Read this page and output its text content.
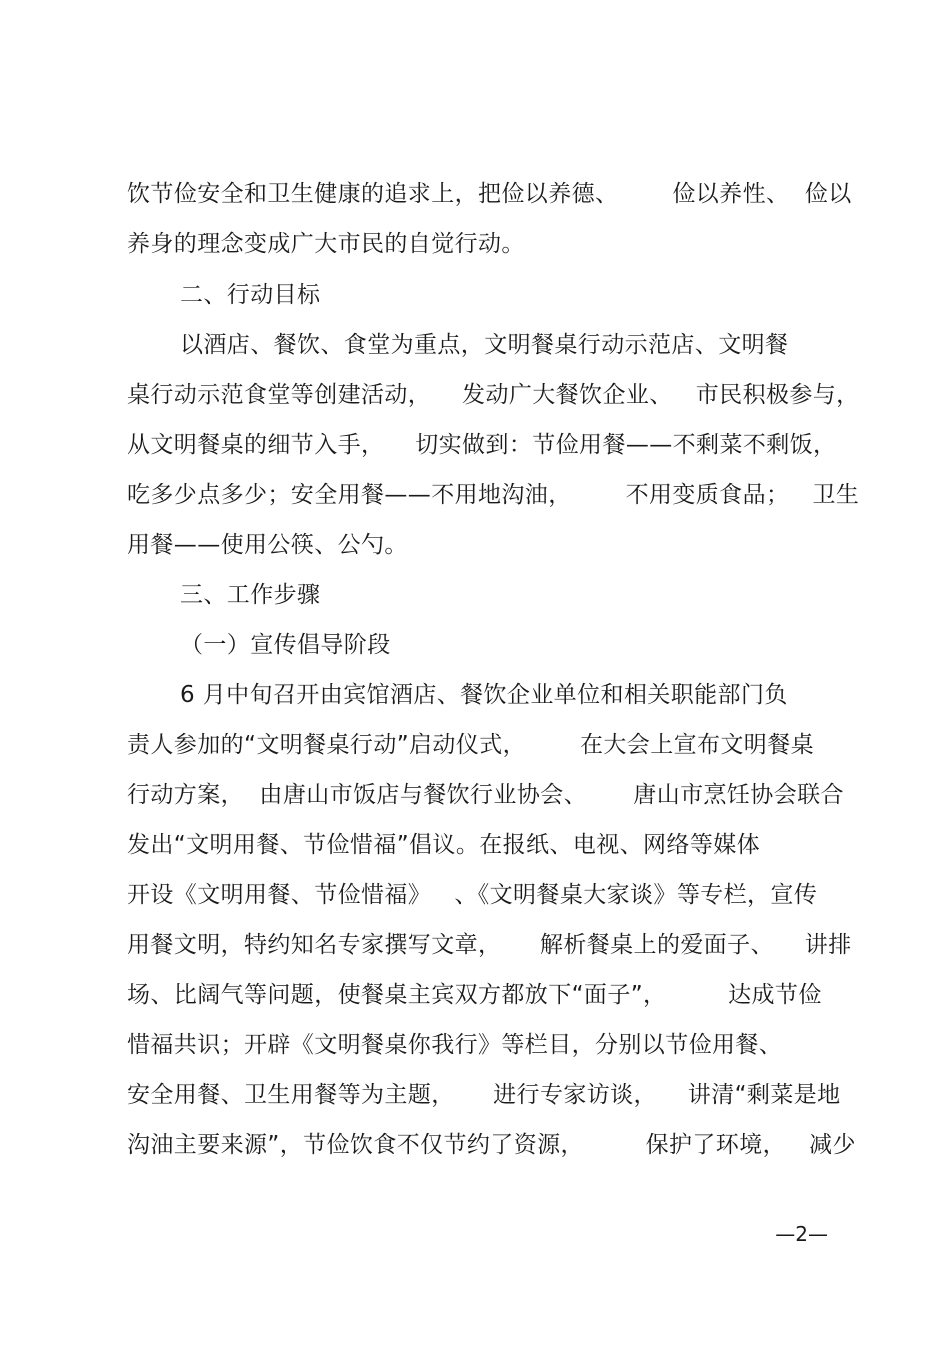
饮节俭安全和卫生健康的追求上，把俭以养德、       俭以养性、  俭以
养身的理念变成广大市民的自觉行动。
二、行动目标
以酒店、餐饮、食堂为重点，文明餐桌行动示范店、文明餐
桌行动示范食堂等创建活动，    发动广大餐饮企业、   市民积极参与，
从文明餐桌的细节入手，    切实做到：节俭用餐——不剩菜不剩饭，
吃多少点多少；安全用餐——不用地沟油，       不用变质食品；   卫生
用餐——使用公筷、公勺。
三、工作步骤
（一）宣传倡导阶段
6 月中旬召开由宾馆酒店、餐饮企业单位和相关职能部门负
责人参加的“文明餐桌行动”启动仪式，       在大会上宣布文明餐桌
行动方案，  由唐山市饭店与餐饮行业协会、      唐山市烹饪协会联合
发出“文明用餐、节俭惜福”倡议。在报纸、电视、网络等媒体
开设《文明用餐、节俭惜福》   、《文明餐桌大家谈》等专栏，宣传
用餐文明，特约知名专家撰写文章，     解析餐桌上的爱面子、    讲排
场、比阔气等问题，使餐桌主宾双方都放下“面子”，        达成节俭
惜福共识；开辟《文明餐桌你我行》等栏目，分别以节俭用餐、
安全用餐、卫生用餐等为主题，     进行专家访谈，    讲清“剩菜是地
沟油主要来源”，节俭饮食不仅节约了资源，        保护了环境，   减少
—2—
